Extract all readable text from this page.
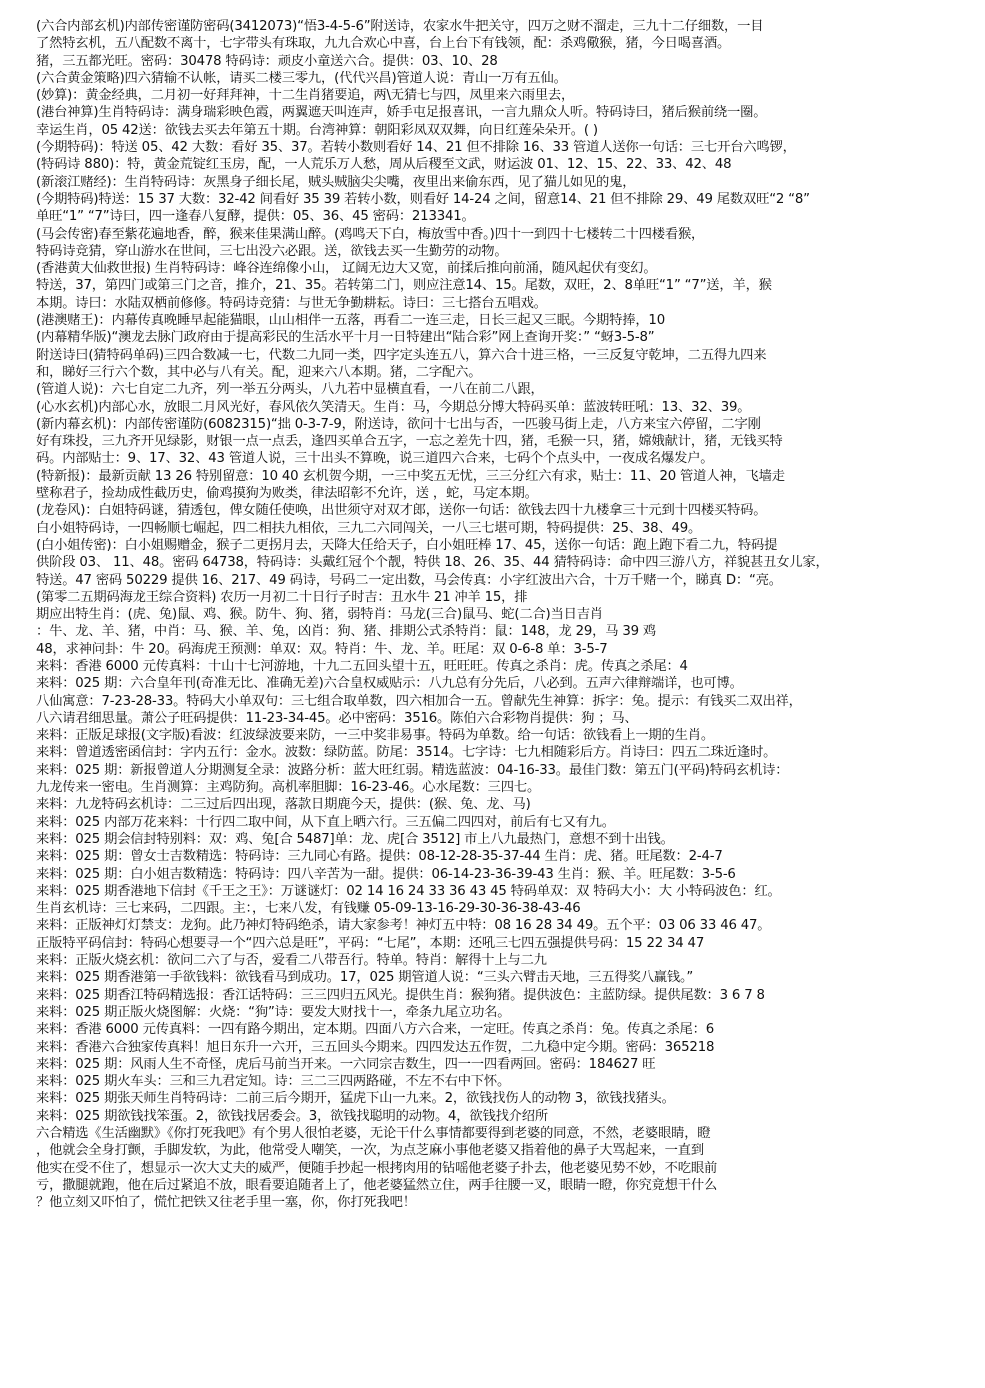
(六合内部玄机)内部传密谨防密码(3412073)“悟3-4-5-6”附送诗，农家水牛把关守，四万之财不溜走，三九十二仔细数，一目
了然特玄机，五八配数不离十，七字带头有珠取，九九合欢心中喜，台上台下有钱领，配：杀鸡儆猴，猪，今日喝喜酒。
猪，三五都光旺。密码：30478 特码诗：顽皮小童送六合。提供：03、10、28
(六合黄金策略)四六猜输不认帐，请买二楼三零九，(代代兴昌)管道人说：青山一万有五仙。
(妙算)：黄金经典，二月初一好拜拜神，十二生肖猪要追，两\无猜七与四，凤里来六雨里去，
(港台神算)生肖特码诗：满身瑞彩映色霞，两翼遮天叫连声，娇手屯足报喜讯，一言九鼎众人听。特码诗曰，猪后猴前绕一圈。
幸运生肖，05 42送：欲钱去买去年第五十期。台湾神算：朝阳彩凤双双舞，向日红莲朵朵开。( )
(今期特码)：特送 05、42 大数：看好 35、37。若转小数则看好 14、21 但不排除 16、33 管道人送你一句话：三七开台六鸣锣，
(特码诗 880)：特，黄金荒锭红玉房，配，一人荒乐万人愁，周从后稷至文武，财运波 01、12、15、22、33、42、48
(新滚江赌经)：生肖特码诗：灰黑身子细长尾，贼头贼脑尖尖嘴，夜里出来偷东西，见了猫儿如见的鬼，
(今期特码)特送：15 37 大数：32-42 间看好 35 39 若转小数，则看好 14-24 之间，留意14、21 但不排除 29、49 尾数双旺“2 “8”
单旺“1” “7”诗曰，四一逢春八复酵，提供：05、36、45 密码：213341。
(马会传密)春至紫花遍地香，醉，猴来佳果满山醉。(鸡鸣天下白，梅放雪中香。)四十一到四十七楼转二十四楼看猴，
特码诗竞猜，穿山游水在世间，三七出没六必跟。送，欲钱去买一生勤劳的动物。
(香港黄大仙救世报) 生肖特码诗：峰谷连绵像小山， 辽阔无边大又宽，前揉后推向前涌，随风起伏有变幻。
特送，37，第四门或第三门之音，推介，21、35。若转第二门，则应注意14、15。尾数，双旺，2、8单旺“1” “7”送，羊，猴
本期。诗曰：水陆双栖前修修。特码诗竞猜：与世无争勤耕耘。诗曰：三七搭台五唱戏。
(港澳赌王)：内幕传真晚睡早起能猫眼，山山相伴一五落，再看二一连三走，日长三起又三眠。今期特捧，10
(内幕精华版)“澳龙去脉门政府由于提高彩民的生活水平十月一日特建出“陆合彩”网上查询开奖：” “蚜3-5-8”
附送诗曰(猜特码单码)三四合数减一七，代数二九同一类，四字定头连五八，算六合十进三格，一三反复守乾坤，二五得九四来
和，睇好三行六个数，其中必与八有关。配，迎来六八本期。猪，二字配六。
(管道人说)：六七自定二九齐，列一举五分两头，八九若中显横直看，一八在前二八跟，
(心水玄机)内部心水，放眼二月风光好，春风依久笑清天。生肖：马，今期总分博大特码买单：蓝波转旺吼：13、32、39。
(新内幕玄机)：内部传密谨防(6082315)“拙 0-3-7-9，附送诗，欲问十七出与否，一匹骏马街上走，八方来宝六停留，二字刚
好有珠投，三九齐开见绿影，财银一点一点丢，逢四买单合五字，一忘之差先十四，猪，毛猴一只，猪，嫦娥献计，猪，无钱买特
码。内部贴士：9、17、32、43 管道人说，三十出头不算晚，说三道四六合来，七码个个点头中，一夜成名爆发户。
(特新报)：最新贡献 13 26 特别留意：10 40 玄机贺今期，一三中奖五无忧，三三分红六有求，贴士：11、20 管道人神，飞墙走
壁称君子，捡劫成性截历史，偷鸡摸狗为败类，律法昭彰不允许，送 ，蛇，马定本期。
(龙卷风)：白姐特码谜，猜透包，俾女随任使唤，出世须守对双才郎，送你一句话：欲钱去四十九楼拿三十元到十四楼买特码。
白小姐特码诗，一四畅顺七崛起，四二相扶九相依，三九二六同闯关，一八三七堪可期，特码提供：25、38、49。
(白小姐传密)：白小姐赐赠金，猴子二更拐月去，天降大任给天子，白小姐旺棒 17、45，送你一句话：跑上跑下看二九，特码提
供阶段 03、 11、48。密码 64738，特码诗：头戴红冠个个靓，特供 18、26、35、44 猜特码诗：命中四三游八方，祥貌甚丑女儿家，
特送。47 密码 50229 提供 16、217、49 码诗，号码二一定出数，马会传真：小字红波出六合，十万千赌一个，睇真 D：“亮。
(第零二五期码海龙王综合资料) 农历一月初二十日行子时吉：丑水牛 21 冲羊 15，排
期应出特生肖：(虎、兔)鼠、鸡、猴。防牛、狗、猪，弱特肖：马龙(三合)鼠马、蛇(二合)当日吉肖
：牛、龙、羊、猪，中肖：马、猴、羊、兔，凶肖：狗、猪、排期公式杀特肖：鼠：148，龙 29，马 39 鸡
48，求神问卦：牛 20。码海虎王预测：单双：双。特肖：牛、龙、羊。旺尾：双 0-6-8 单：3-5-7
来料：香港 6000 元传真料：十山十七河游地，十九二五回头望十五，旺旺旺。传真之杀肖：虎。传真之杀尾：4
来料：025 期：六合皇年刊(奇准无比、准确无差)六合皇权威贴示：八九总有分先后，八必到。五声六律辩端详，也可博。
八仙寓意：7-23-28-33。特码大小单双句：三七组合取单数，四六相加合一五。曾献先生神算：拆字：兔。提示：有钱买二双出祥，
八六请君细思量。萧公子旺码提供：11-23-34-45。必中密码：3516。陈伯六合彩物肖提供：狗 ；马、
来料：正版足球报(文字版)看波：红波绿波要来防，一三中奖非易事。特码为单数。给一句话：欲钱看上一期的生肖。
来料：曾道透密函信封：字内五行：金水。波数：绿防蓝。防尾：3514。七字诗：七九相随彩后方。肖诗曰：四五二珠近逢时。
来料：025 期：新报曾道人分期测复全录：波路分析：蓝大旺红弱。精选蓝波：04-16-33。最佳门数：第五门(平码)特码玄机诗：
九龙传来一密电。生肖测算：主鸡防狗。高机率胆脚：16-23-46。心水尾数：三四七。
来料：九龙特码玄机诗：二三过后四出现，落款日期鹿今天，提供：(猴、兔、龙、马)
来料：025 内部万花来料：十行四二取中间，从下直上晒六行。三五偏二四四对，前后有七又有九。
来料：025 期会信封特别料：双：鸡、兔[合 5487]单：龙、虎[合 3512] 市上八九最热门，意想不到十出钱。
来料：025 期：曾女士吉数精选：特码诗：三九同心有路。提供：08-12-28-35-37-44 生肖：虎、猪。旺尾数：2-4-7
来料：025 期：白小姐吉数精选：特码诗：四八辛苦为一甜。提供：06-14-23-36-39-43 生肖：猴、羊。旺尾数：3-5-6
来料：025 期香港地下信封《千王之王》：万谜谜灯：02 14 16 24 33 36 43 45 特码单双：双 特码大小：大 小特码波色：红。
生肖玄机诗：三七来码，二四跟。主：，七来八发，有钱赚 05-09-13-16-29-30-36-38-43-46
来料：正版神灯灯禁支：龙狗。此乃神灯特码绝杀，请大家参考！神灯五中特：08 16 28 34 49。五个平：03 06 33 46 47。
正版特平码信封：特码心想要寻一个“四六总是旺”，平码：“七尾”，本期：还吼三七四五强提供号码：15 22 34 47
来料：正版火烧玄机：欲问二六了与否，爱看二八带吾行。特单。特肖：解得十上与二九
来料：025 期香港第一手欲钱料：欲钱看马到成功。17，025 期管道人说：“三头六臂击天地，三五得奖八赢钱。”
来料：025 期香江特码精选报：香江话特码：三三四归五风光。提供生肖：猴狗猪。提供波色：主蓝防绿。提供尾数：3 6 7 8
来料：025 期正版火烧图解：火烧：“狗”诗：要发大财找十一，牵条九尾立功名。
来料：香港 6000 元传真料：一四有路今期出，定本期。四面八方六合来，一定旺。传真之杀肖：兔。传真之杀尾：6
来料：香港六合独家传真料！旭日东升一六开，三五回头今期来。四四发达五作贺，二九稳中定今期。密码：365218
来料：025 期：风雨人生不奇怪，虎后马前当开来。一六同宗吉数生，四一一四看两回。密码：184627 旺
来料：025 期火车头：三和三九君定知。诗：三二三四两路碰，不左不右中下怀。
来料：025 期张天师生肖特码诗：二前三后今期开，猛虎下山一九来。2，欲钱找伤人的动物 3，欲钱找猪头。
来料：025 期欲钱找笨蛋。2，欲钱找居委会。3，欲钱找聪明的动物。4，欲钱找介绍所
六合精选《生活幽默》《你打死我吧》有个男人很怕老婆，无论干什么事情都要得到老婆的同意，不然，老婆眼睛，瞪
，他就会全身打颤，手脚发软，为此，他常受人嘲笑，一次，为点芝麻小事他老婆又指着他的鼻子大骂起来，一直到
他实在受不住了，想显示一次大丈夫的威严，便随手抄起一根拷肉用的钻嗂他老婆子扑去，他老婆见势不妙，不吃眼前
亏，撒腿就跑，他在后过紧追不放，眼看要追随者上了，他老婆猛然立住，两手往腰一叉，眼睛一瞪，你究竟想干什么
？他立刻又吓怕了，慌忙把铁又往老手里一塞，你，你打死我吧！
